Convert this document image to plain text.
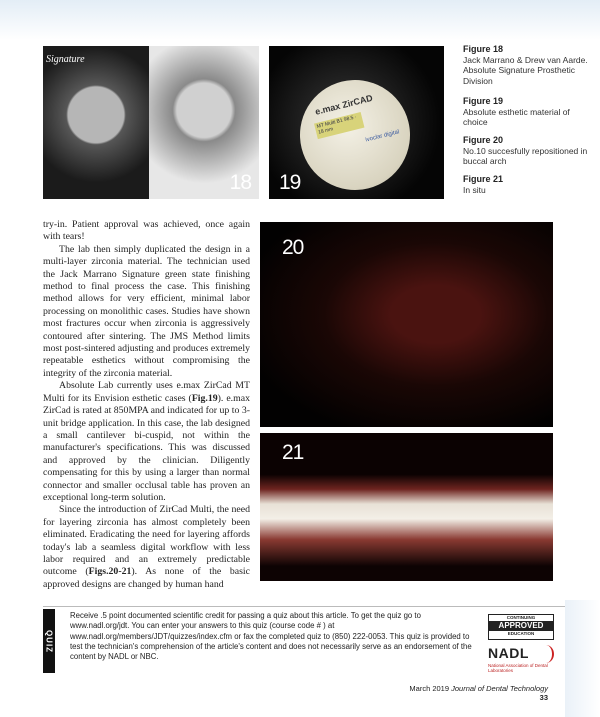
Signature
18 19
e.max ZirCAD
MT Multi B1 98.5 · 18 mm	ivoclar digital
Figure 18
Jack Marrano & Drew van Aarde. Absolute Signature Prosthetic Division
Figure 19
Absolute esthetic material of choice
Figure 20
No.10 succesfully repositioned in buccal arch
Figure 21
In situ

try-in. Patient approval was achieved, once again with tears!

The lab then simply duplicated the design in a multi-layer zirconia material. The technician used the Jack Marrano Signature green state finishing method to final process the case. This finishing method allows for very efficient, minimal labor processing on monolithic cases. Studies have shown most fractures occur when zirconia is aggressively contoured after sintering. The JMS Method limits most post-sintered adjusting and produces extremely repeatable esthetics without compromising the integrity of the zirconia material.

Absolute Lab currently uses e.max ZirCad MT Multi for its Envision esthetic cases (Fig.19). e.max ZirCad is rated at 850MPA and indicated for up to 3-unit bridge application. In this case, the lab designed a small cantilever bi-cuspid, not within the manufacturer's specifications. This was discussed and approved by the clinician. Diligently compensating for this by using a larger than normal connector and smaller occlusal table has proven an exceptional long-term solution.

Since the introduction of ZirCad Multi, the need for layering zirconia has almost completely been eliminated. Eradicating the need for layering affords today's lab a seamless digital workflow with less labor required and an extremely predictable outcome (Figs.20-21). As none of the basic approved designs are changed by human hand

20
21
QUIZ
Receive .5 point documented scientific credit for passing a quiz about this article. To get the quiz go to www.nadl.org/jdt. You can enter your answers to this quiz (course code # ) at www.nadl.org/members/JDT/quizzes/index.cfm or fax the completed quiz to (850) 222-0053. This quiz is provided to test the technician's comprehension of the article's content and does not necessarily serve as an endorsement of the content by NADL or NBC.
CONTINUING
APPROVED
EDUCATION
NADL
National Association of Dental Laboratories
March 2019 Journal of Dental Technology 33
